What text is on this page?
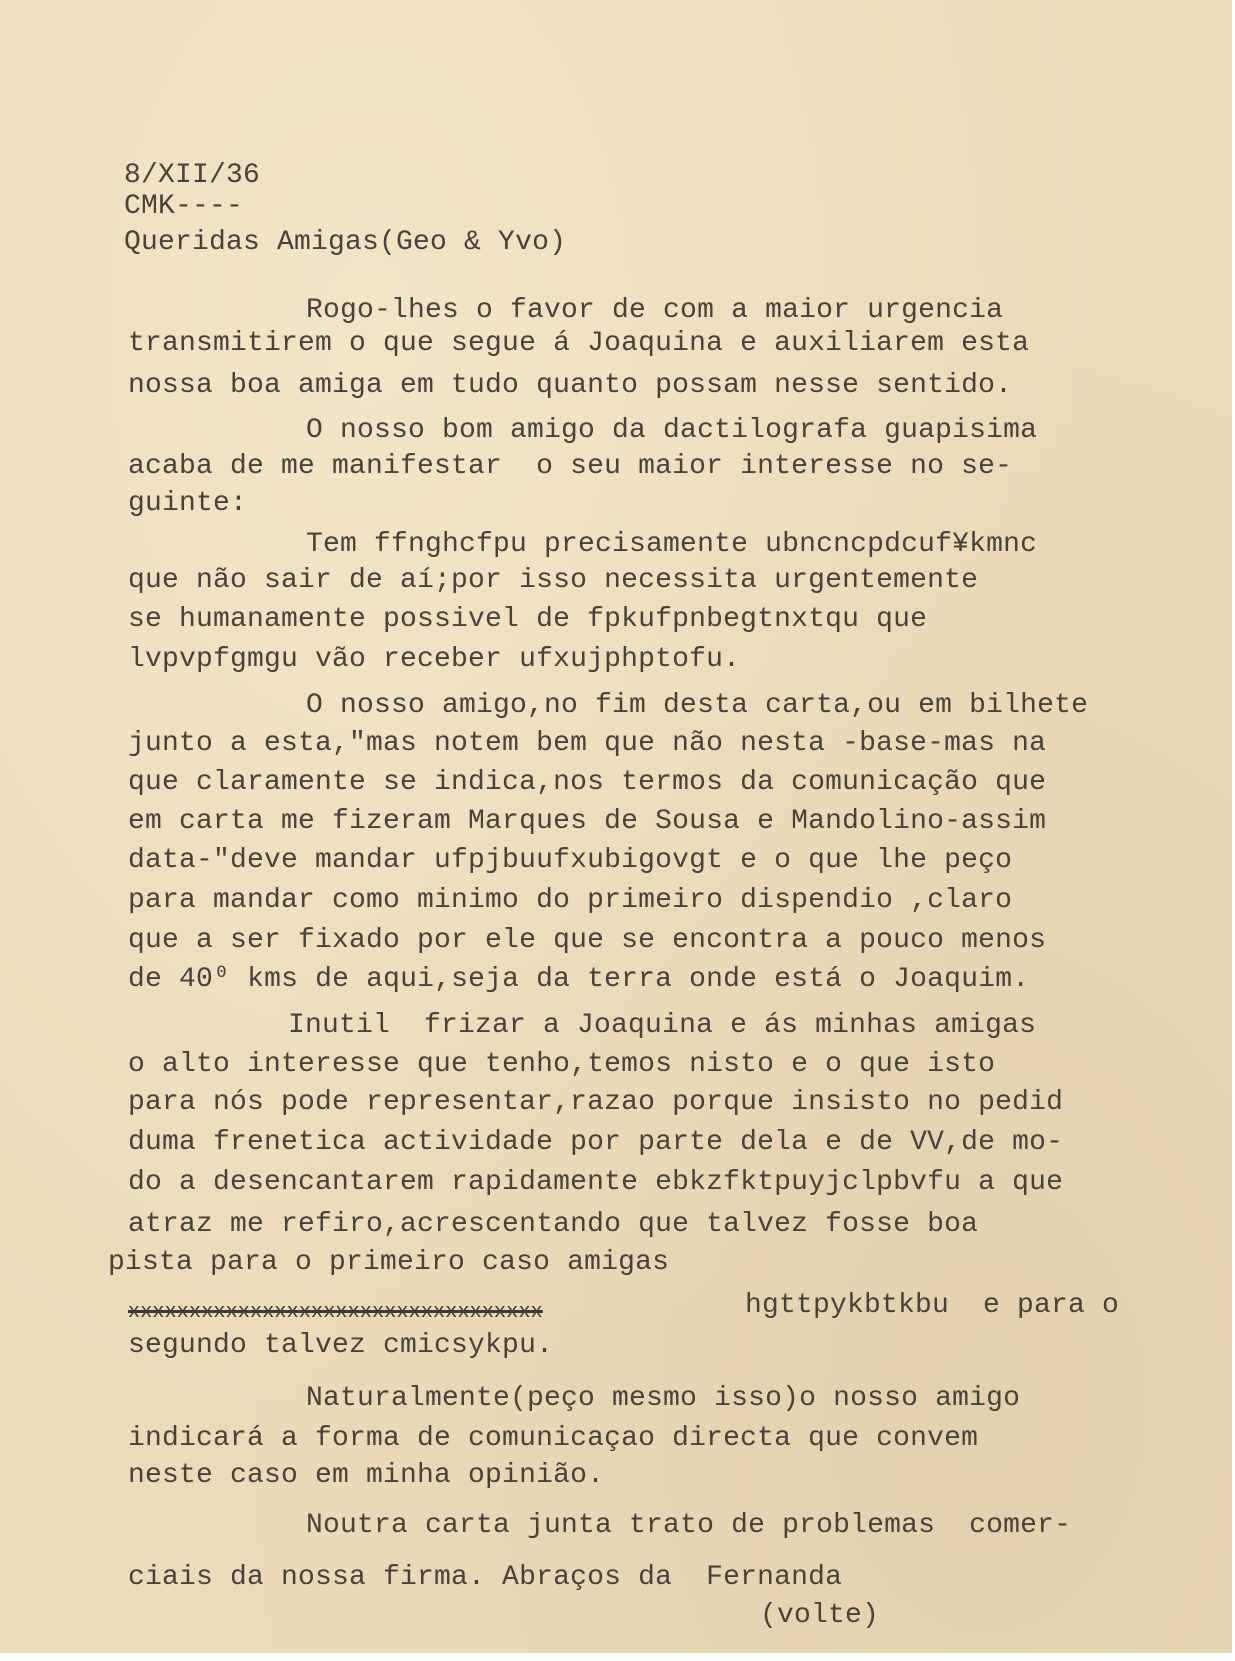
8/XII/36

CMK----

Queridas Amigas(Geo & Yvo)

Rogo-lhes o favor de com a maior urgencia

transmitirem o que segue á Joaquina e auxiliarem esta

nossa boa amiga em tudo quanto possam nesse sentido.

O nosso bom amigo da dactilografa guapisima

acaba de me manifestar  o seu maior interesse no se-

guinte:

Tem ffnghcfpu precisamente ubncncpdcuf¥kmnc

que não sair de aí;por isso necessita urgentemente

se humanamente possivel de fpkufpnbegtnxtqu que

lvpvpfgmgu vão receber ufxujphptofu.

O nosso amigo,no fim desta carta,ou em bilhete

junto a esta,"mas notem bem que não nesta -base-mas na

que claramente se indica,nos termos da comunicação que

em carta me fizeram Marques de Sousa e Mandolino-assim

data-"deve mandar ufpjbuufxubigovgt e o que lhe peço

para mandar como minimo do primeiro dispendio ,claro

que a ser fixado por ele que se encontra a pouco menos

de 40⁰ kms de aqui,seja da terra onde está o Joaquim.

Inutil  frizar a Joaquina e ás minhas amigas

o alto interesse que tenho,temos nisto e o que isto

para nós pode representar,razao porque insisto no pedid

duma frenetica actividade por parte dela e de VV,de mo-

do a desencantarem rapidamente ebkzfktpuyjclpbvfu a que

atraz me refiro,acrescentando que talvez fosse boa

pista para o primeiro caso amigas

xxxxxxxxxxxxxxxxxxxxxxxxxxxxxxxxxx	hgttpykbtkbu  e para o

segundo talvez cmicsykpu.

Naturalmente(peço mesmo isso)o nosso amigo

indicará a forma de comunicaçao directa que convem

neste caso em minha opinião.

Noutra carta junta trato de problemas  comer-

ciais da nossa firma. Abraços da  Fernanda

(volte)
